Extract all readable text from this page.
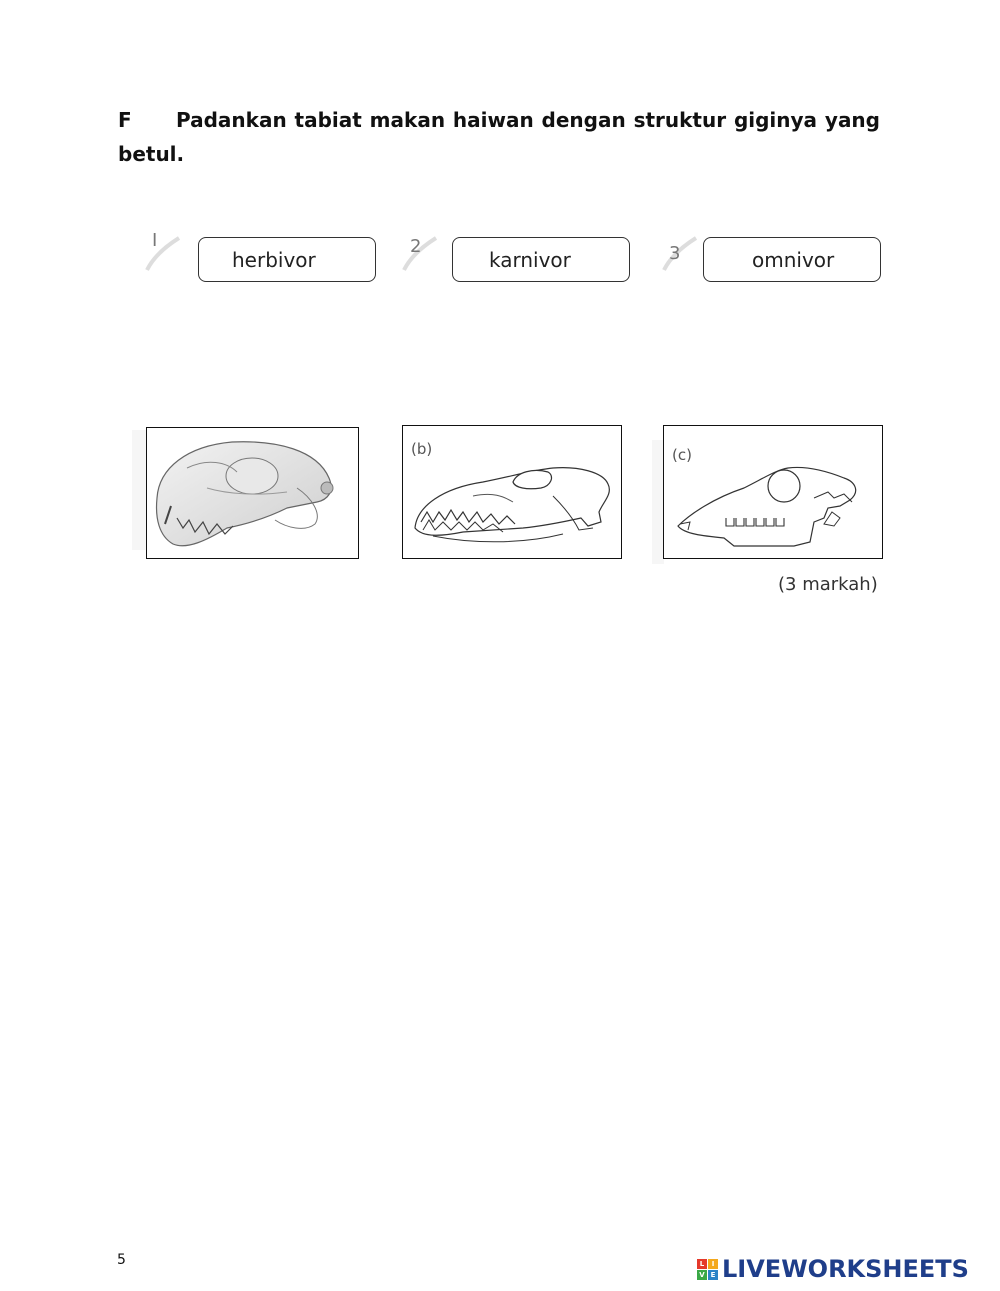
F Padankan tabiat makan haiwan dengan struktur giginya yang betul.
I
herbivor
2
karnivor	3	omnivor
(b)	(c)
(3 markah)
5	L	I
V E LIVEWORKSHEETS
